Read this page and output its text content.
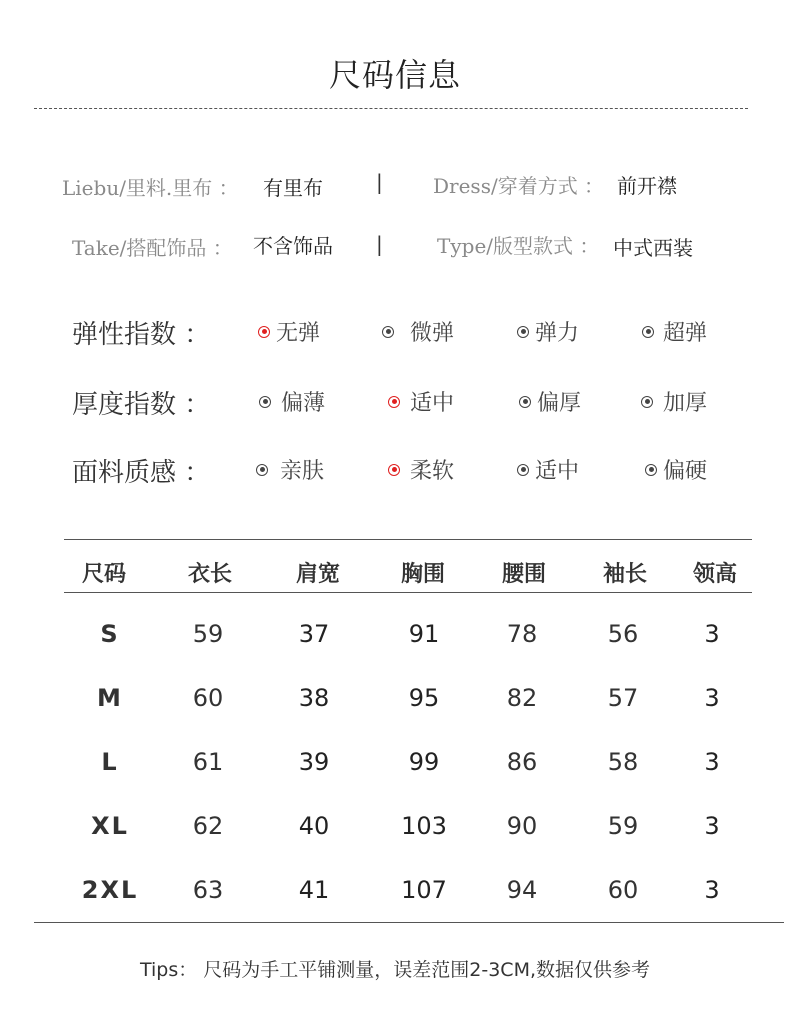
尺码信息
Liebu/里料.里布 ： 有里布	|	Dress/穿着方式 ： 前开襟
Take/搭配饰品 ： 不含饰品 |	Type/版型款式 ： 中式西装
弹性指数 ：	无弹	微弹	弹力	超弹
厚度指数 ：	偏薄	适中	偏厚	加厚
面料质感 ：	亲肤	柔软	适中	偏硬
尺码	衣长	肩宽	胸围	腰围	袖长	领高
S	59	37	91	78	56	3
M	60	38	95	82	57	3
L	61	39	99	86	58	3
XL	62	40	103	90	59	3
2XL	63	41	107	94	60	3
Tips： 尺码为手工平铺测量，误差范围2-3CM,数据仅供参考
